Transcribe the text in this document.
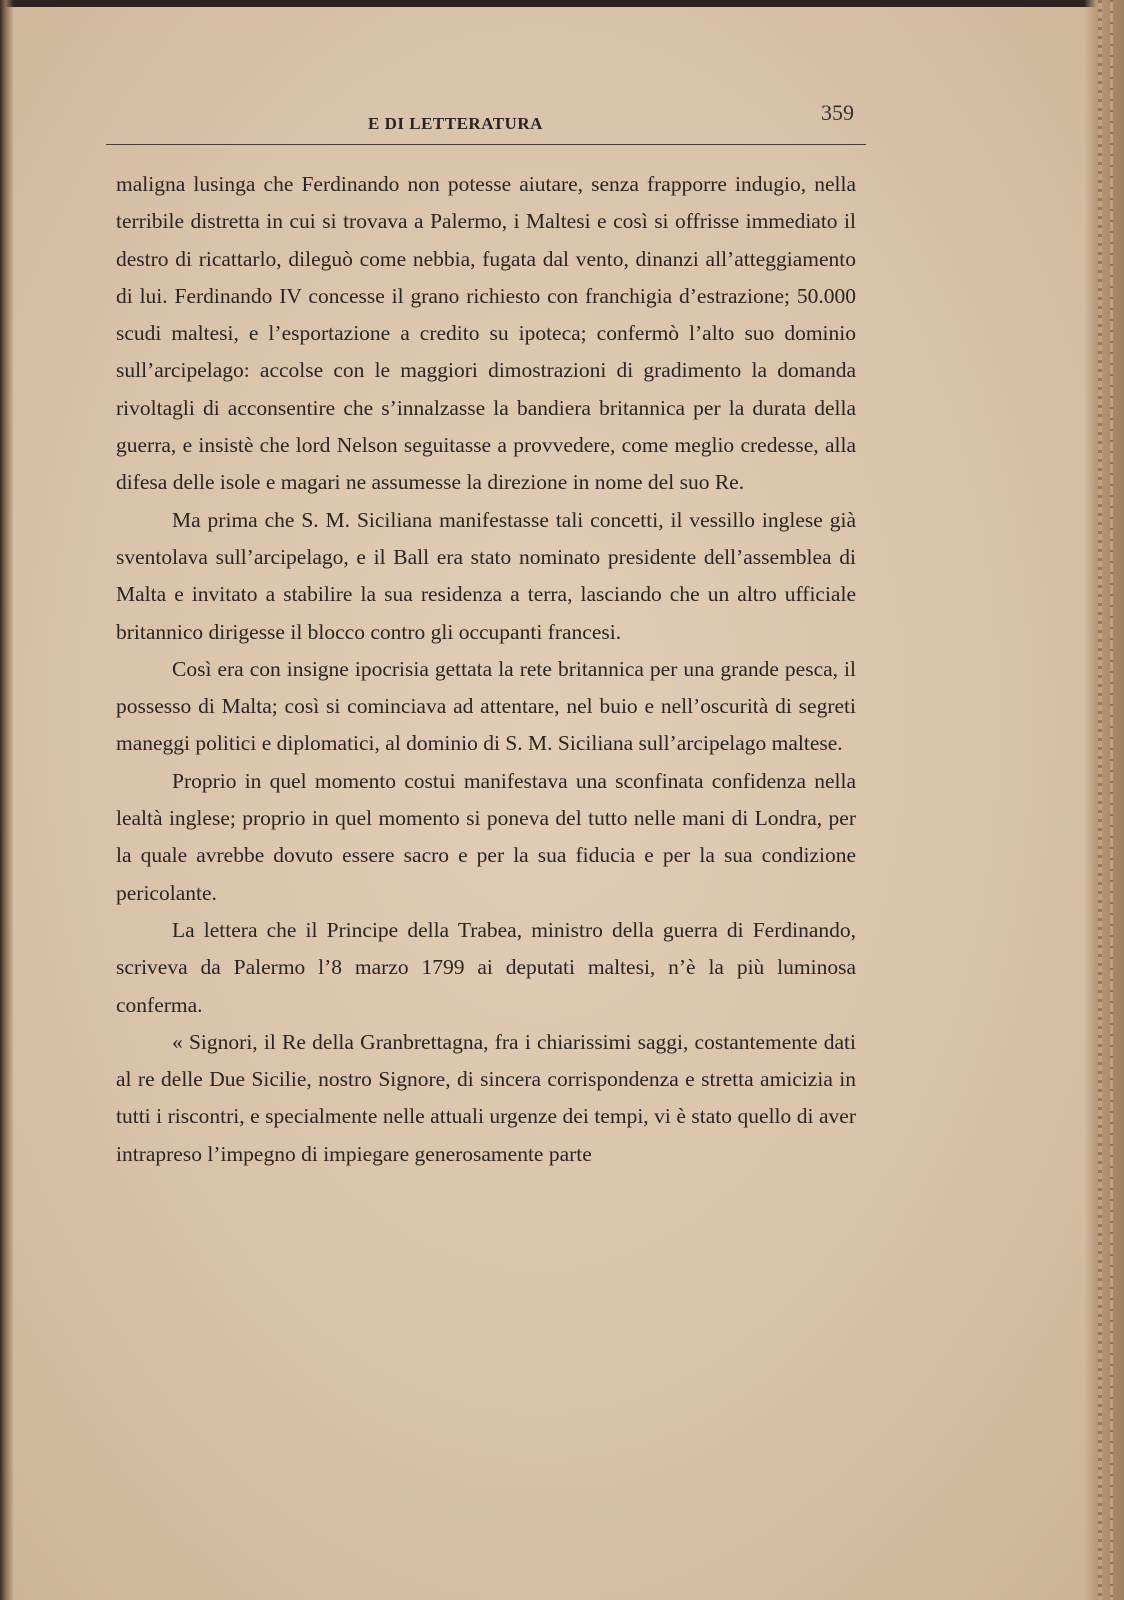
E DI LETTERATURA	359

maligna lusinga che Ferdinando non potesse aiutare, senza frapporre indugio, nella terribile distretta in cui si trovava a Palermo, i Maltesi e così si offrisse immediato il destro di ricattarlo, dileguò come nebbia, fugata dal vento, dinanzi all’atteggiamento di lui. Ferdinando IV concesse il grano richiesto con franchigia d’estrazione; 50.000 scudi maltesi, e l’esportazione a credito su ipoteca; confermò l’alto suo dominio sull’arcipelago: accolse con le maggiori dimostrazioni di gradimento la domanda rivoltagli di acconsentire che s’innalzasse la bandiera britannica per la durata della guerra, e insistè che lord Nelson seguitasse a provvedere, come meglio credesse, alla difesa delle isole e magari ne assumesse la direzione in nome del suo Re.

Ma prima che S. M. Siciliana manifestasse tali concetti, il vessillo inglese già sventolava sull’arcipelago, e il Ball era stato nominato presidente dell’assemblea di Malta e invitato a stabilire la sua residenza a terra, lasciando che un altro ufficiale britannico dirigesse il blocco contro gli occupanti francesi.

Così era con insigne ipocrisia gettata la rete britannica per una grande pesca, il possesso di Malta; così si cominciava ad attentare, nel buio e nell’oscurità di segreti maneggi politici e diplomatici, al dominio di S. M. Siciliana sull’arcipelago maltese.

Proprio in quel momento costui manifestava una sconfinata confidenza nella lealtà inglese; proprio in quel momento si poneva del tutto nelle mani di Londra, per la quale avrebbe dovuto essere sacro e per la sua fiducia e per la sua condizione pericolante.

La lettera che il Principe della Trabea, ministro della guerra di Ferdinando, scriveva da Palermo l’8 marzo 1799 ai deputati maltesi, n’è la più luminosa conferma.

« Signori, il Re della Granbrettagna, fra i chiarissimi saggi, costantemente dati al re delle Due Sicilie, nostro Signore, di sincera corrispondenza e stretta amicizia in tutti i riscontri, e specialmente nelle attuali urgenze dei tempi, vi è stato quello di aver intrapreso l’impegno di impiegare generosamente parte
